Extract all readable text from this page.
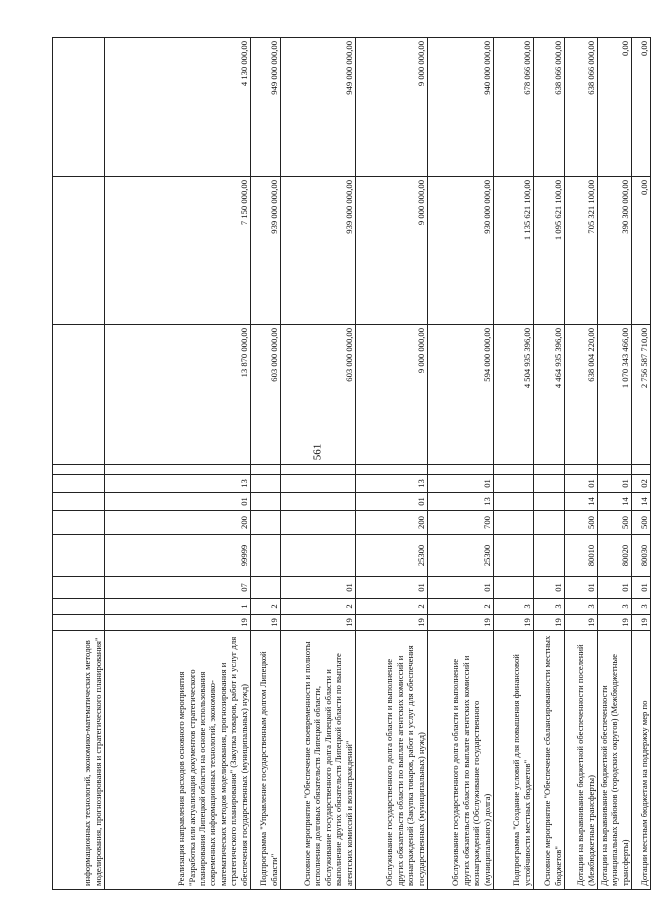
561
информационных технологий, экономико-математических методов моделирования, прогнозирования и стратегического планирования"											
Реализация направления расходов основного мероприятия "Разработка или актуализация документов стратегического планирования Липецкой области на основе использования современных информационных технологий, экономико-математических методов моделирования, прогнозирования и стратегического планирования" (Закупка товаров, работ и услуг для обеспечения государственных (муниципальных) нужд)	19	1	07	99999	200	01	13		13 870 000,00	7 150 000,00	4 130 000,00
Подпрограмма "Управление государственным долгом Липецкой области"	19	2							603 000 000,00	939 000 000,00	949 000 000,00
Основное мероприятие "Обеспечение своевременности и полноты исполнения долговых обязательств Липецкой области, обслуживание государственного долга Липецкой области и выполнение других обязательств Липецкой области по выплате агентских комиссий и вознаграждений"	19	2	01						603 000 000,00	939 000 000,00	949 000 000,00
Обслуживание государственного долга области и выполнение других обязательств области по выплате агентских комиссий и вознаграждений (Закупка товаров, работ и услуг для обеспечения государственных (муниципальных) нужд)	19	2	01	25300	200	01	13		9 000 000,00	9 000 000,00	9 000 000,00
Обслуживание государственного долга области и выполнение других обязательств области по выплате агентских комиссий и вознаграждений (Обслуживание государственного (муниципального) долга)	19	2	01	25300	700	13	01		594 000 000,00	930 000 000,00	940 000 000,00
Подпрограмма "Создание условий для повышения финансовой устойчивости местных бюджетов"	19	3							4 504 935 396,00	1 135 621 100,00	678 066 000,00
Основное мероприятие "Обеспечение сбалансированности местных бюджетов"	19	3	01						4 464 935 396,00	1 095 621 100,00	638 066 000,00
Дотации на выравнивание бюджетной обеспеченности поселений (Межбюджетные трансферты)	19	3	01	80010	500	14	01		638 004 220,00	705 321 100,00	638 066 000,00
Дотации на выравнивание бюджетной обеспеченности муниципальных районов (городских округов) (Межбюджетные трансферты)	19	3	01	80020	500	14	01		1 070 343 466,00	390 300 000,00	0,00
Дотации местным бюджетам на поддержку мер по	19	3	01	80030	500	14	02		2 756 587 710,00	0,00	0,00
